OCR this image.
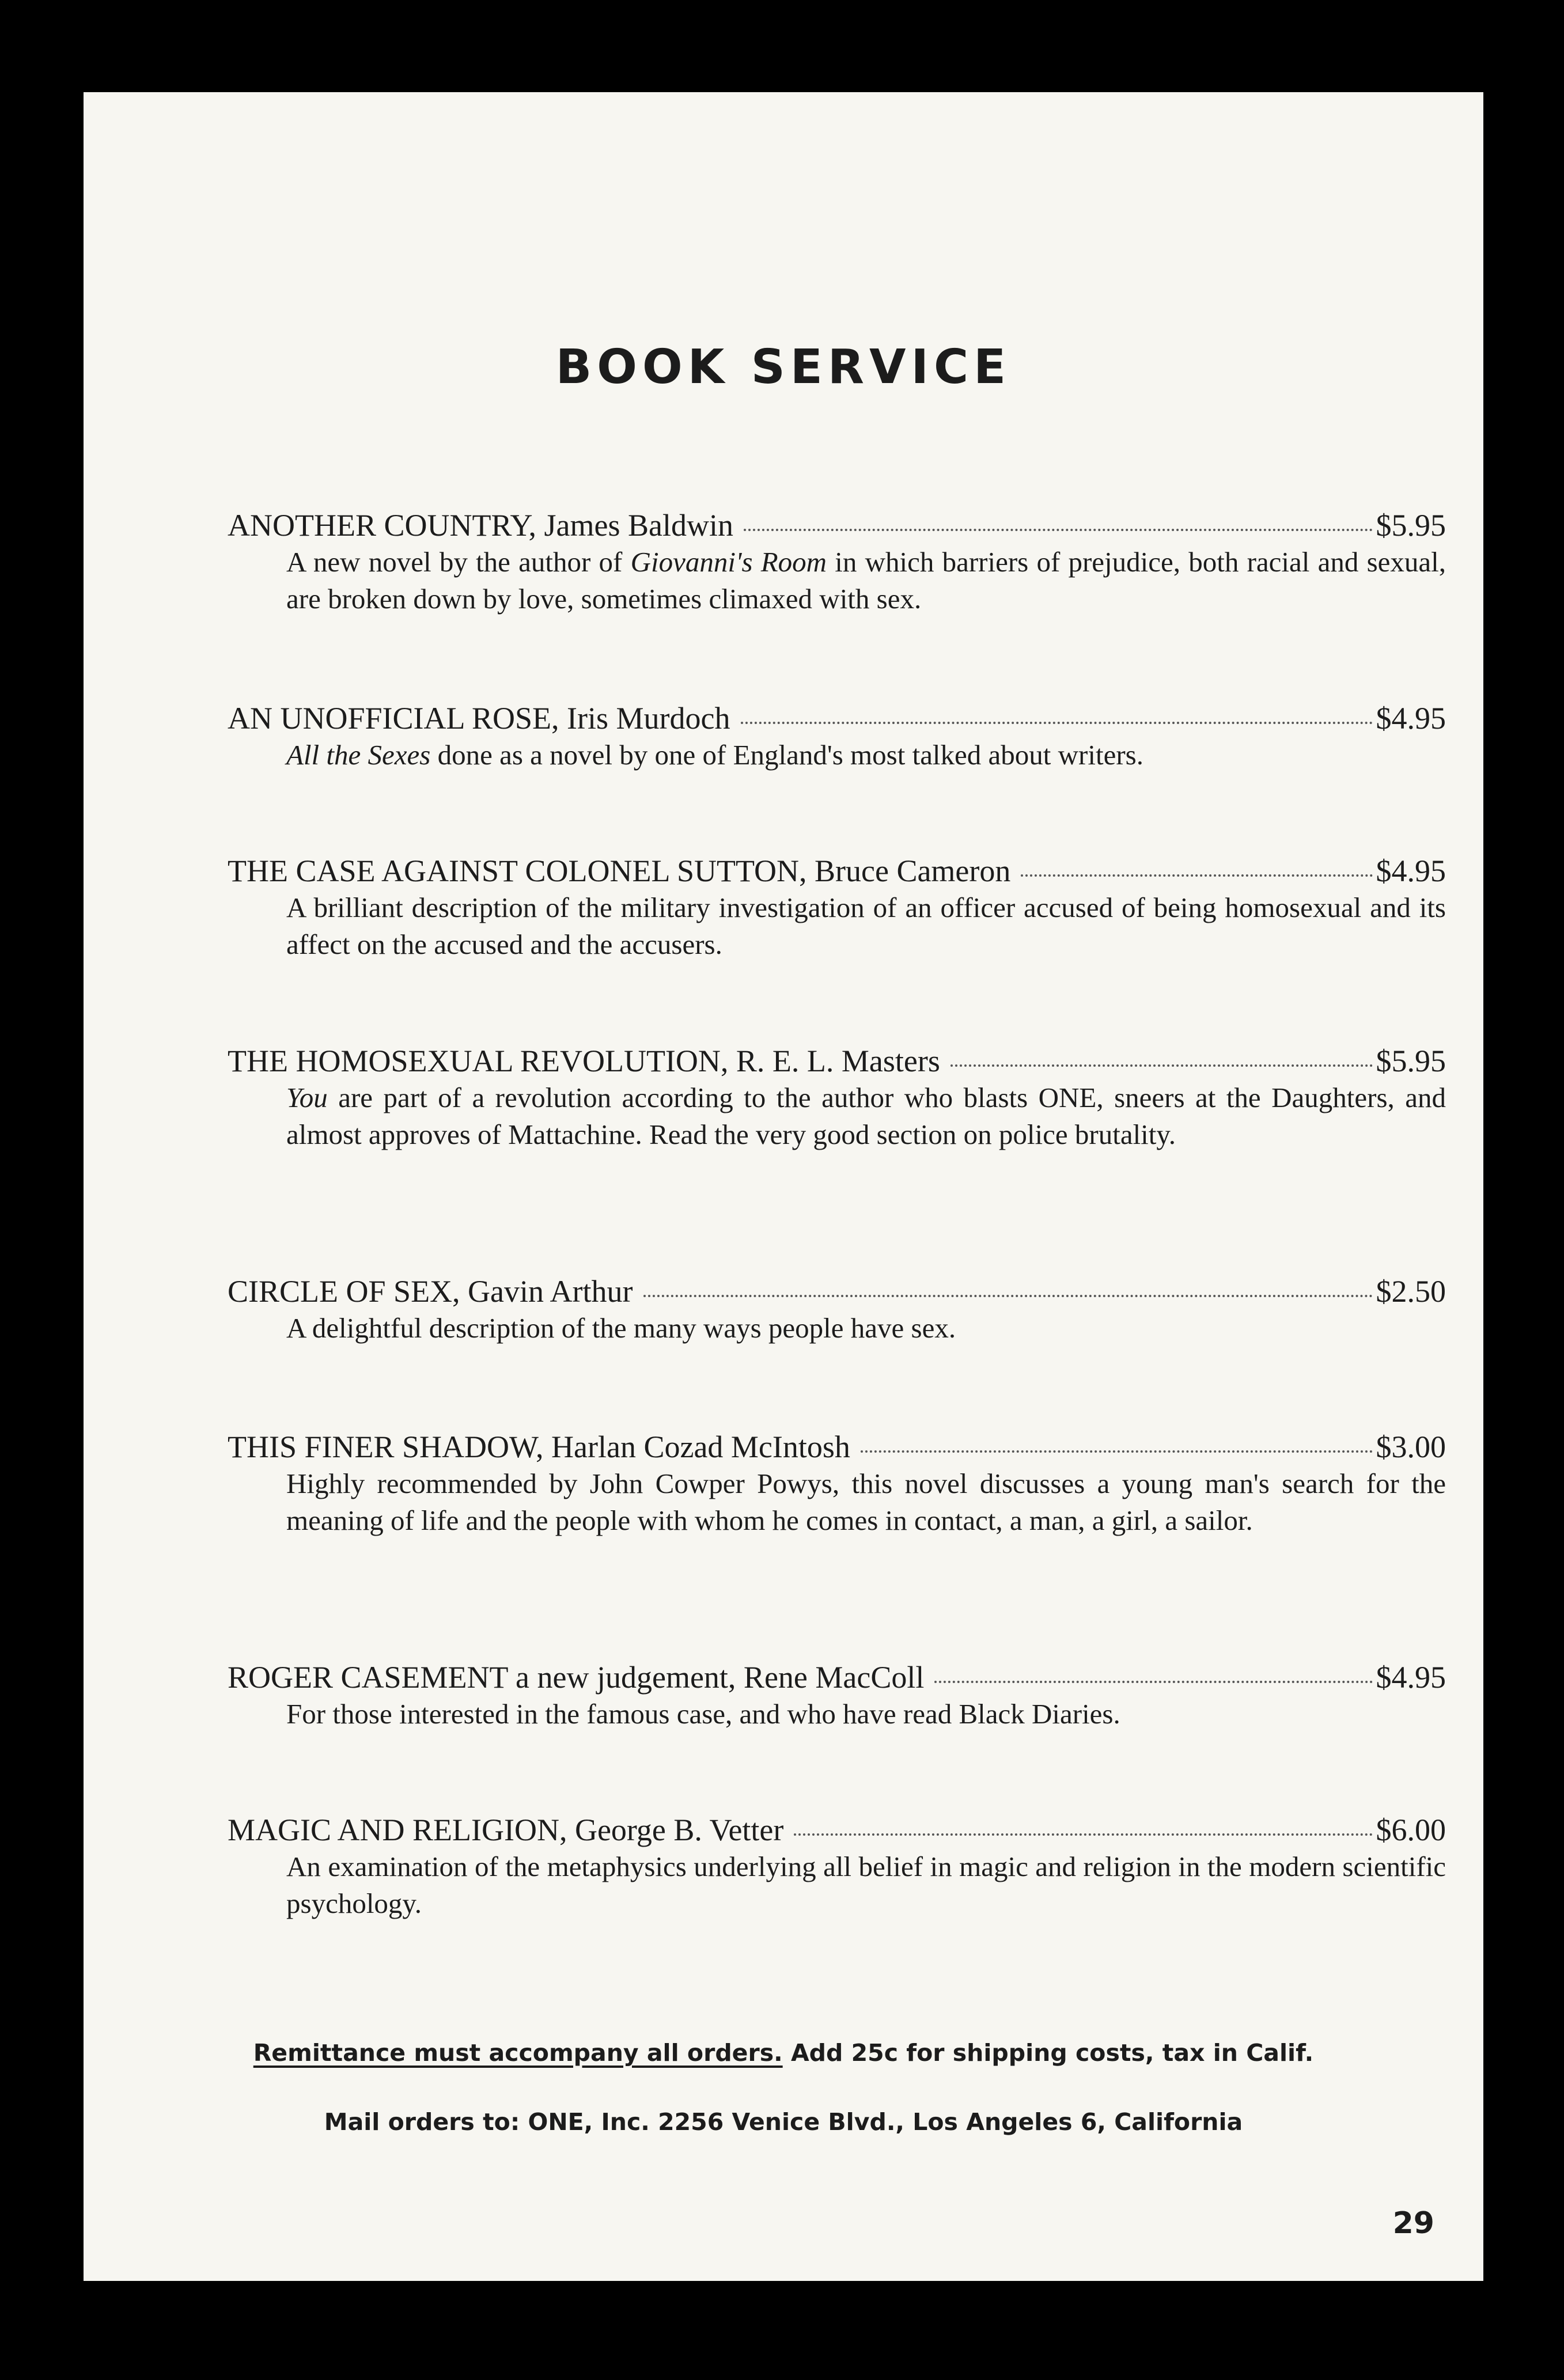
BOOK SERVICE
ANOTHER COUNTRY, James Baldwin	$5.95

A new novel by the author of Giovanni's Room in which barriers of prejudice, both racial and sexual, are broken down by love, sometimes climaxed with sex.

AN UNOFFICIAL ROSE, Iris Murdoch	$4.95

All the Sexes done as a novel by one of England's most talked about writers.

THE CASE AGAINST COLONEL SUTTON, Bruce Cameron	$4.95

A brilliant description of the military investigation of an officer accused of being homosexual and its affect on the accused and the accusers.

THE HOMOSEXUAL REVOLUTION, R. E. L. Masters	$5.95

You are part of a revolution according to the author who blasts ONE, sneers at the Daughters, and almost approves of Mattachine. Read the very good section on police brutality.

CIRCLE OF SEX, Gavin Arthur	$2.50

A delightful description of the many ways people have sex.

THIS FINER SHADOW, Harlan Cozad McIntosh	$3.00

Highly recommended by John Cowper Powys, this novel discusses a young man's search for the meaning of life and the people with whom he comes in contact, a man, a girl, a sailor.

ROGER CASEMENT a new judgement, Rene MacColl	$4.95

For those interested in the famous case, and who have read Black Diaries.

MAGIC AND RELIGION, George B. Vetter	$6.00

An examination of the metaphysics underlying all belief in magic and religion in the modern scientific psychology.

Remittance must accompany all orders. Add 25c for shipping costs, tax in Calif.
Mail orders to: ONE, Inc. 2256 Venice Blvd., Los Angeles 6, California
29
